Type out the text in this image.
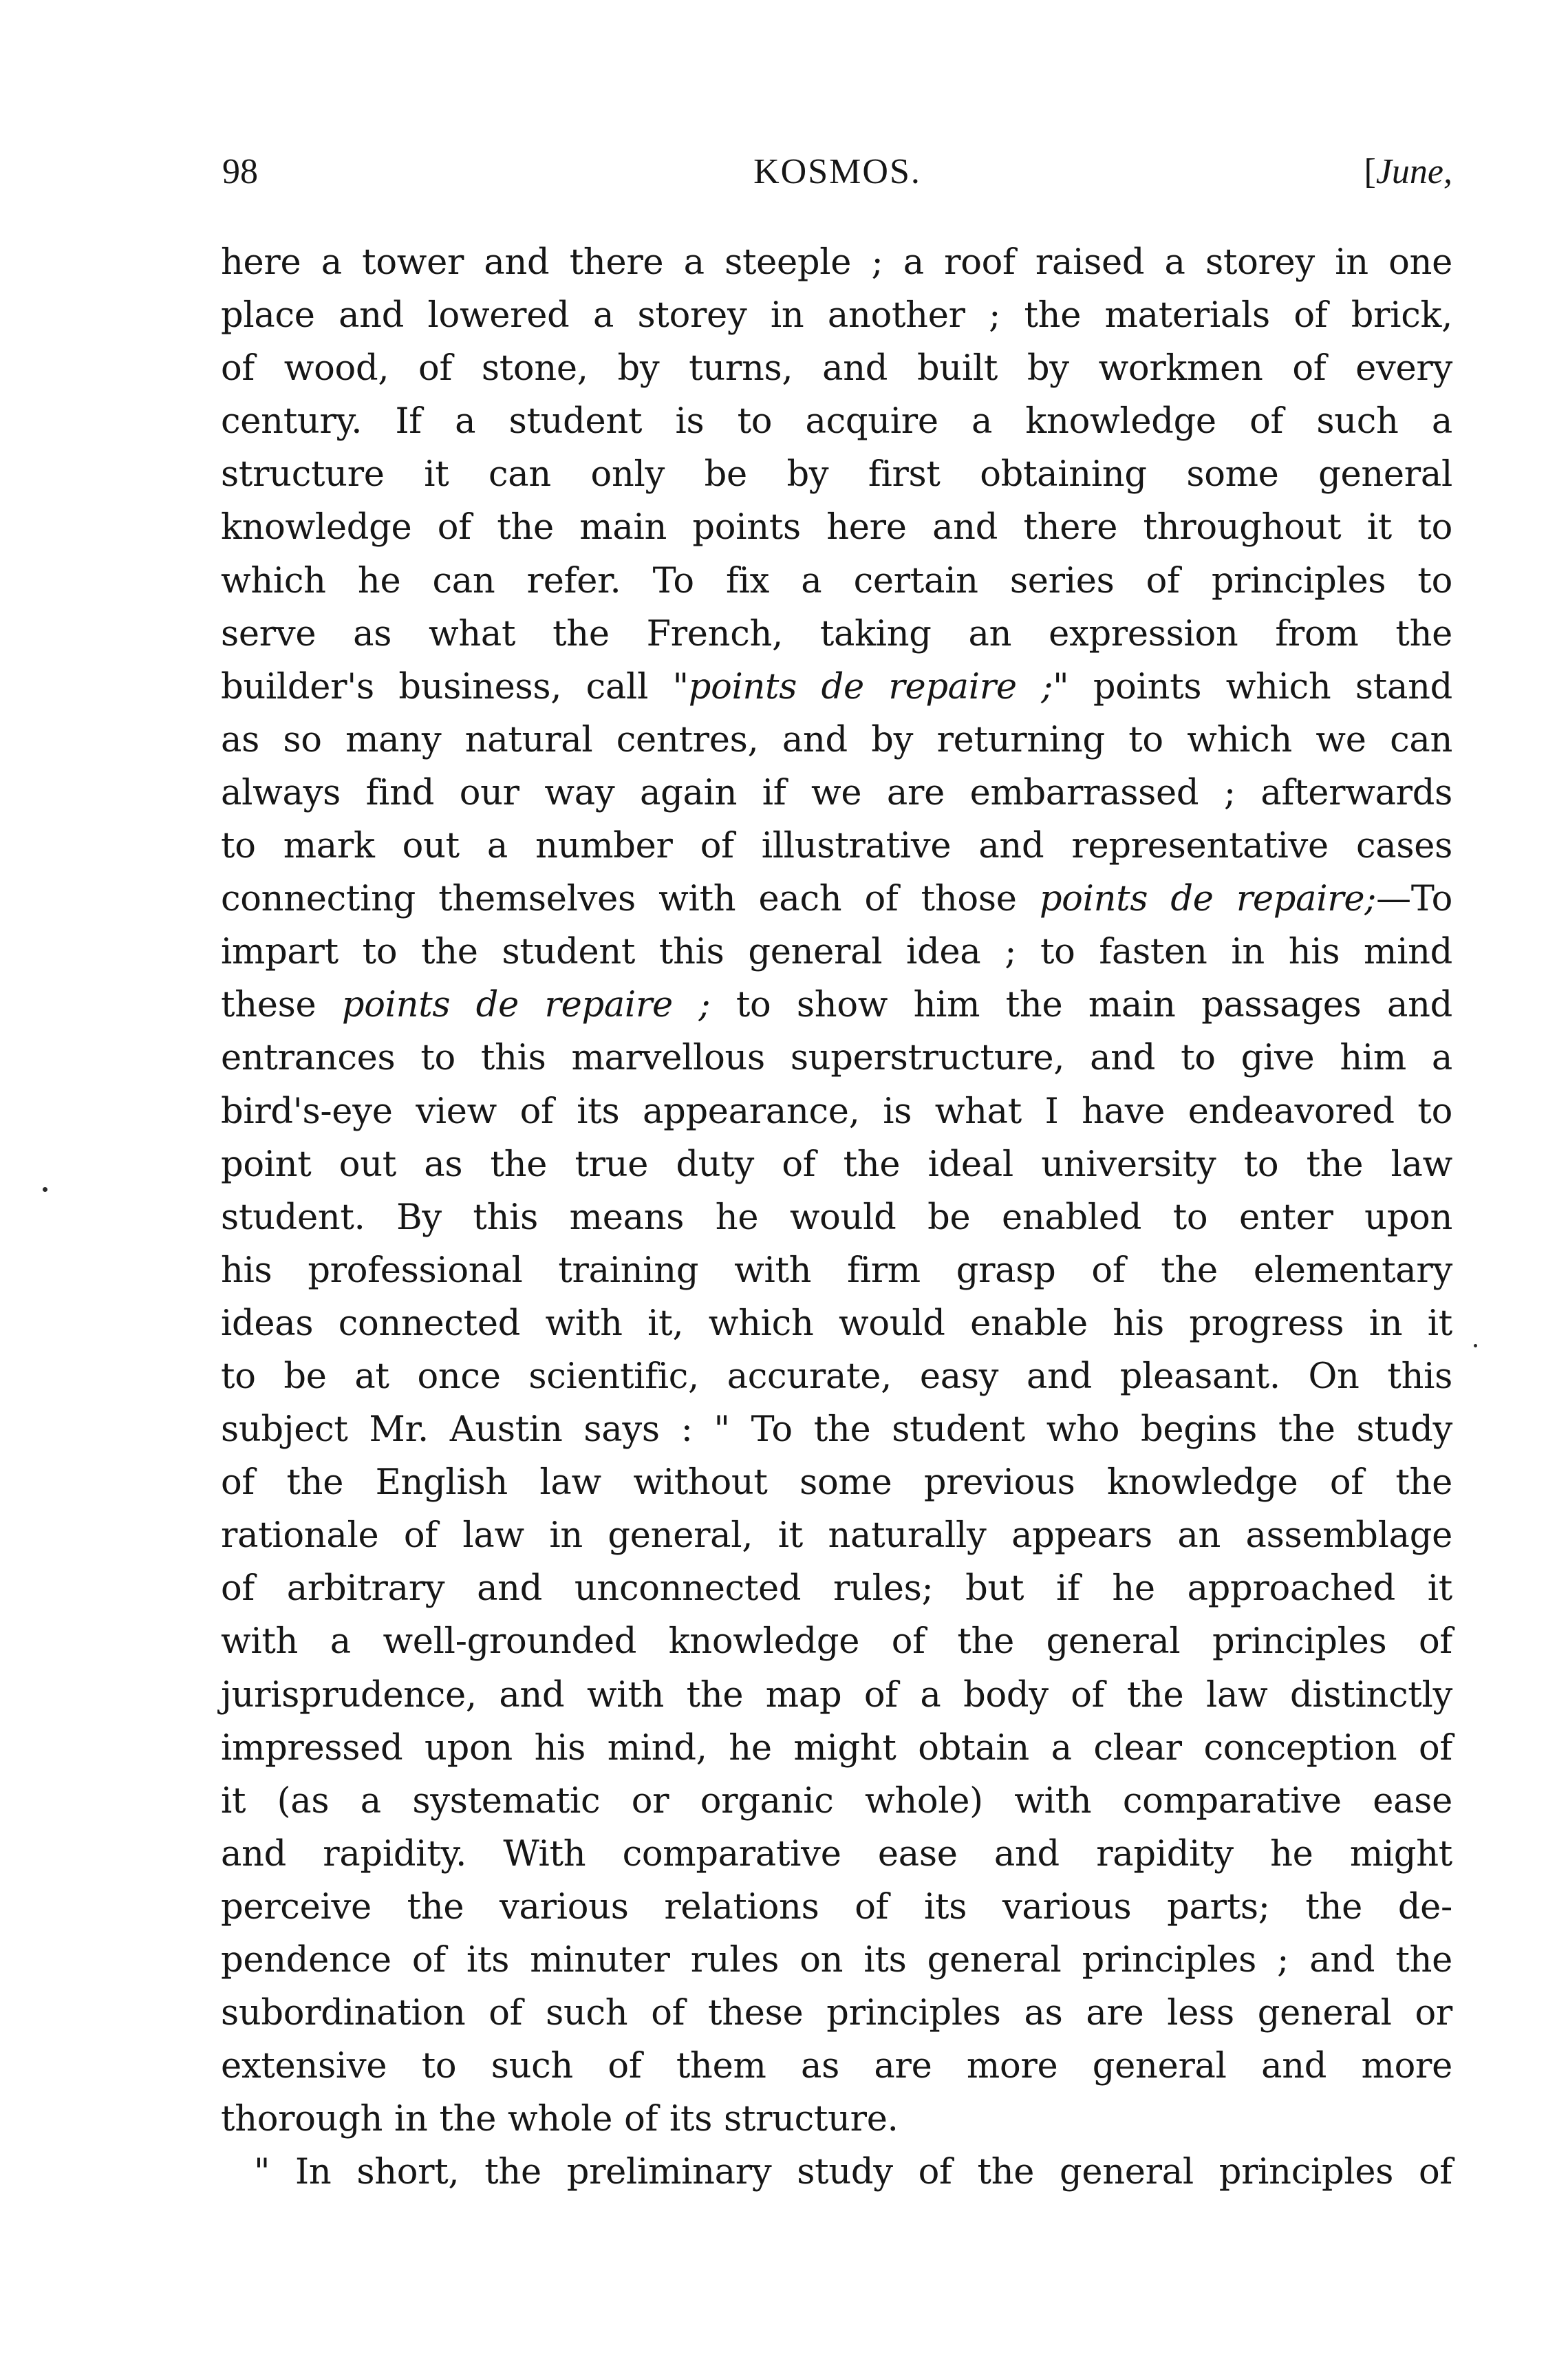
98	KOSMOS.	[June,
here a tower and there a steeple ; a roof raised a storey in one
place and lowered a storey in another ; the materials of brick,
of wood, of stone, by turns, and built by workmen of every
century. If a student is to acquire a knowledge of such a
structure it can only be by first obtaining some general
knowledge of the main points here and there throughout it to
which he can refer. To fix a certain series of principles to
serve as what the French, taking an expression from the
builder's business, call "points de repaire ;" points which stand
as so many natural centres, and by returning to which we can
always find our way again if we are embarrassed ; afterwards
to mark out a number of illustrative and representative cases
connecting themselves with each of those points de repaire;—To
impart to the student this general idea ; to fasten in his mind
these points de repaire ; to show him the main passages and
entrances to this marvellous superstructure, and to give him a
bird's-eye view of its appearance, is what I have endeavored to
point out as the true duty of the ideal university to the law
student. By this means he would be enabled to enter upon
his professional training with firm grasp of the elementary
ideas connected with it, which would enable his progress in it
to be at once scientific, accurate, easy and pleasant. On this
subject Mr. Austin says : " To the student who begins the study
of the English law without some previous knowledge of the
rationale of law in general, it naturally appears an assemblage
of arbitrary and unconnected rules; but if he approached it
with a well-grounded knowledge of the general principles of
jurisprudence, and with the map of a body of the law distinctly
impressed upon his mind, he might obtain a clear conception of
it (as a systematic or organic whole) with comparative ease
and rapidity. With comparative ease and rapidity he might
perceive the various relations of its various parts; the de-
pendence of its minuter rules on its general principles ; and the
subordination of such of these principles as are less general or
extensive to such of them as are more general and more
thorough in the whole of its structure.
" In short, the preliminary study of the general principles of
